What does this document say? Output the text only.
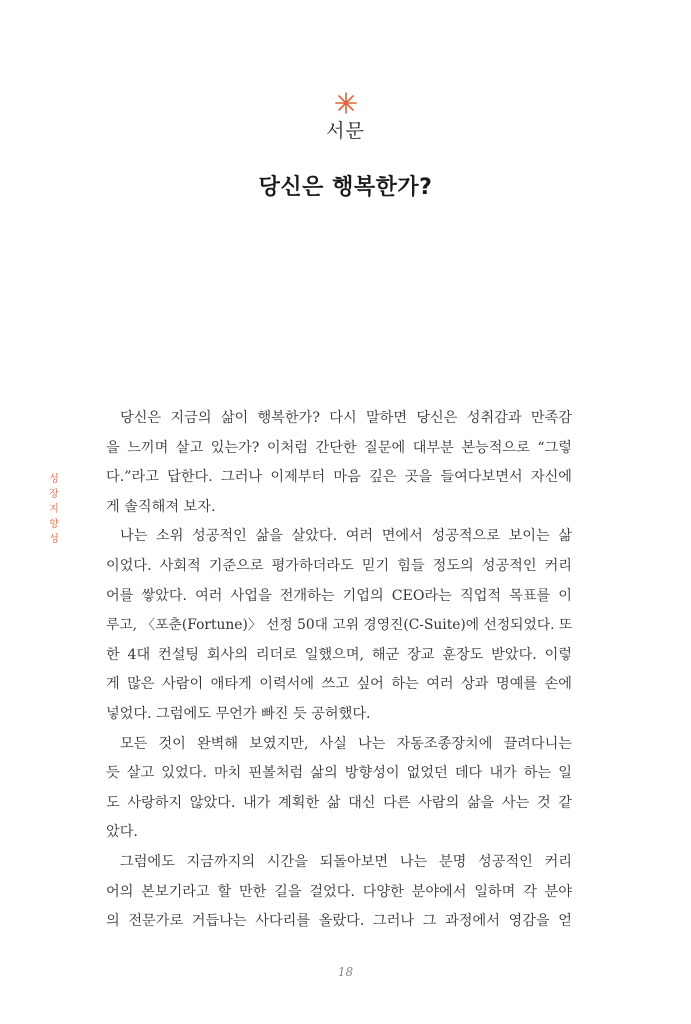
서문
당신은 행복한가?
성장지향성
당신은 지금의 삶이 행복한가? 다시 말하면 당신은 성취감과 만족감
을 느끼며 살고 있는가? 이처럼 간단한 질문에 대부분 본능적으로 “그렇
다.”라고 답한다. 그러나 이제부터 마음 깊은 곳을 들여다보면서 자신에
게 솔직해져 보자.
나는 소위 성공적인 삶을 살았다. 여러 면에서 성공적으로 보이는 삶
이었다. 사회적 기준으로 평가하더라도 믿기 힘들 정도의 성공적인 커리
어를 쌓았다. 여러 사업을 전개하는 기업의 CEO라는 직업적 목표를 이
루고, 〈포춘(Fortune)〉 선정 50대 고위 경영진(C-Suite)에 선정되었다. 또
한 4대 컨설팅 회사의 리더로 일했으며, 해군 장교 훈장도 받았다. 이렇
게 많은 사람이 애타게 이력서에 쓰고 싶어 하는 여러 상과 명예를 손에
넣었다. 그럼에도 무언가 빠진 듯 공허했다.
모든 것이 완벽해 보였지만, 사실 나는 자동조종장치에 끌려다니는
듯 살고 있었다. 마치 핀볼처럼 삶의 방향성이 없었던 데다 내가 하는 일
도 사랑하지 않았다. 내가 계획한 삶 대신 다른 사람의 삶을 사는 것 같
았다.
그럼에도 지금까지의 시간을 되돌아보면 나는 분명 성공적인 커리
어의 본보기라고 할 만한 길을 걸었다. 다양한 분야에서 일하며 각 분야
의 전문가로 거듭나는 사다리를 올랐다. 그러나 그 과정에서 영감을 얻
18
